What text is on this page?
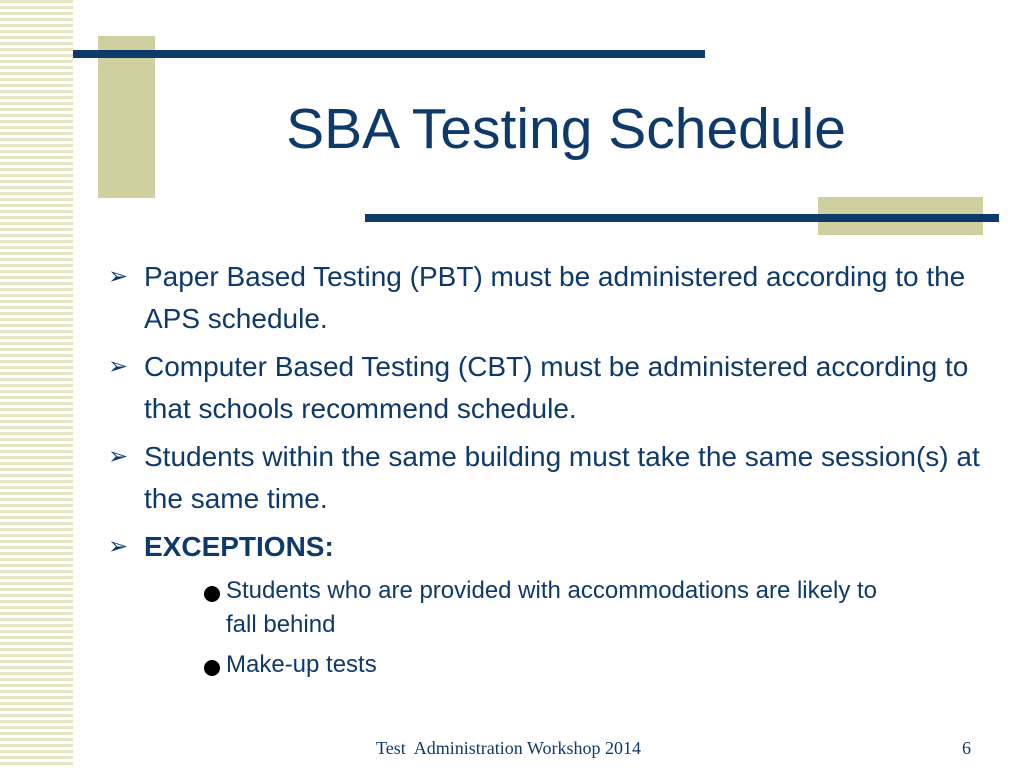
SBA Testing Schedule
➢ Paper Based Testing (PBT) must be administered according to the APS schedule.
➢ Computer Based Testing (CBT) must be administered according to that schools recommend schedule.
➢ Students within the same building must take the same session(s) at the same time.
➢ EXCEPTIONS:
Students who are provided with accommodations are likely to fall behind
Make-up tests
Test  Administration Workshop 2014	6
